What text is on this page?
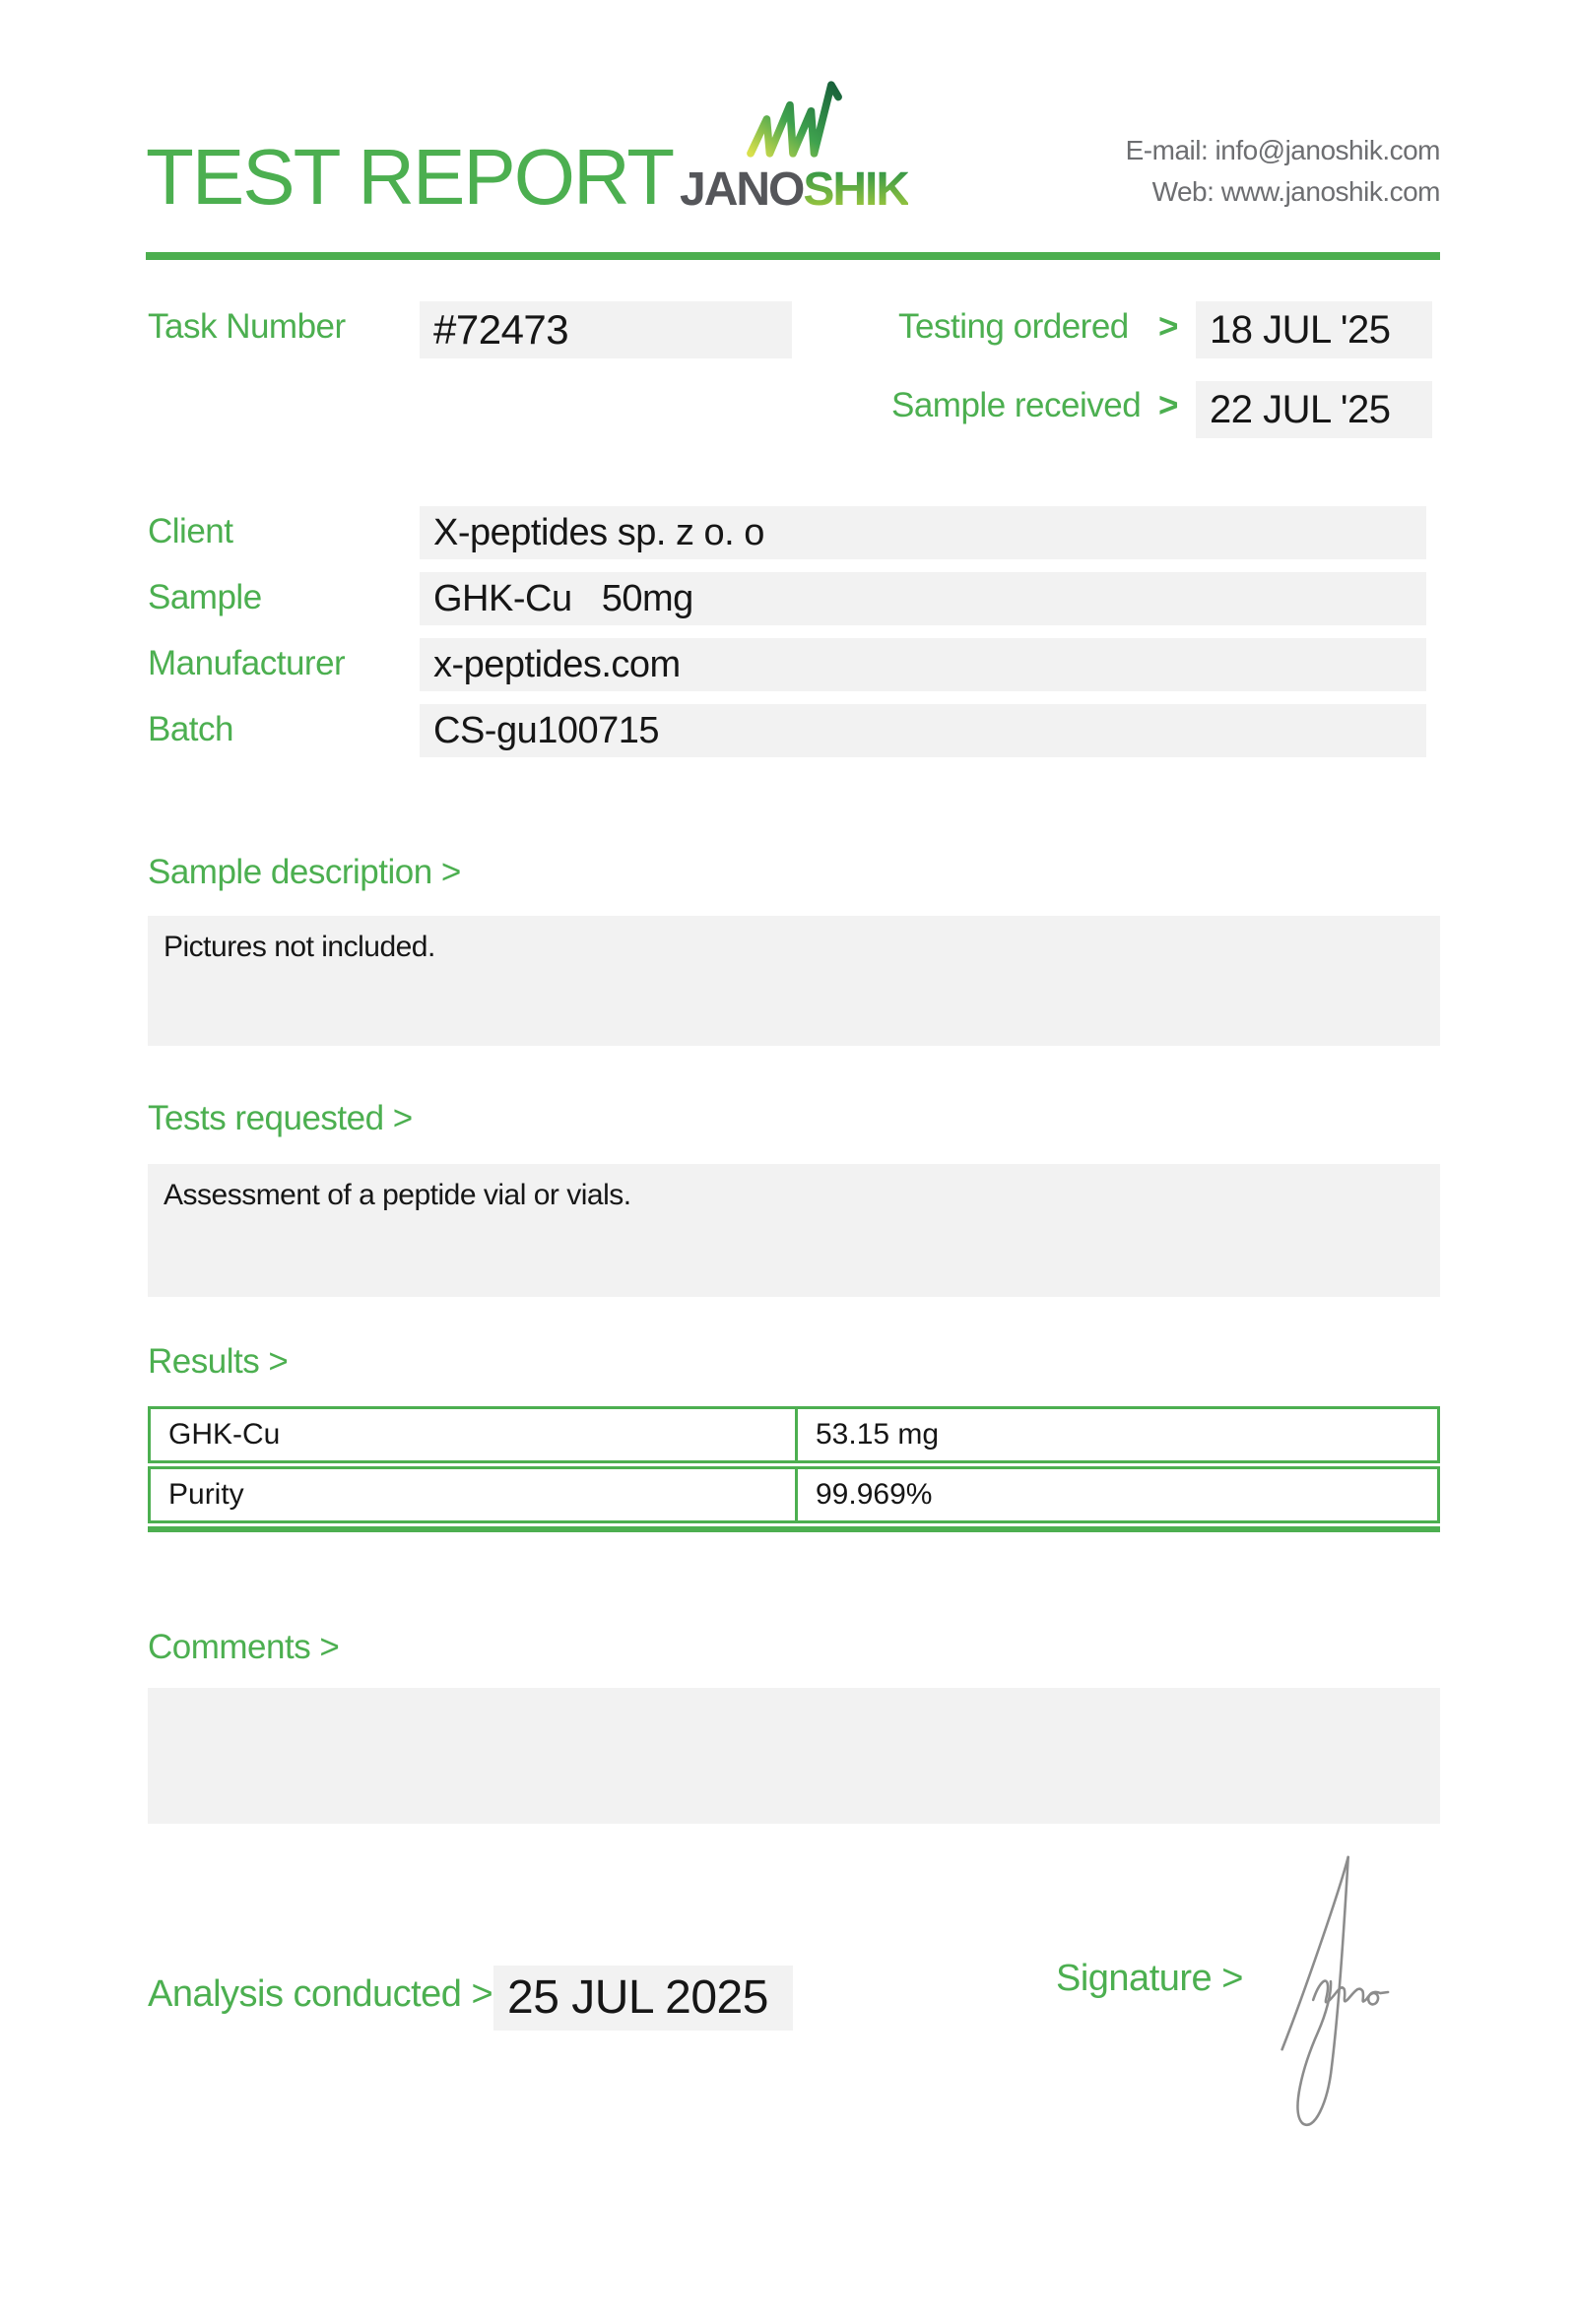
TEST REPORT JANOSHIK
E-mail: info@janoshik.com
Web: www.janoshik.com
Task Number	#72473	Testing ordered > 18 JUL '25
Sample received > 22 JUL '25
Client	X-peptides sp. z o. o
Sample	GHK-Cu   50mg
Manufacturer	x-peptides.com
Batch	CS-gu100715
Sample description >
Pictures not included.
Tests requested >
Assessment of a peptide vial or vials.
Results >
GHK-Cu	53.15 mg
Purity	99.969%
Comments >
Analysis conducted > 25 JUL 2025	Signature >
